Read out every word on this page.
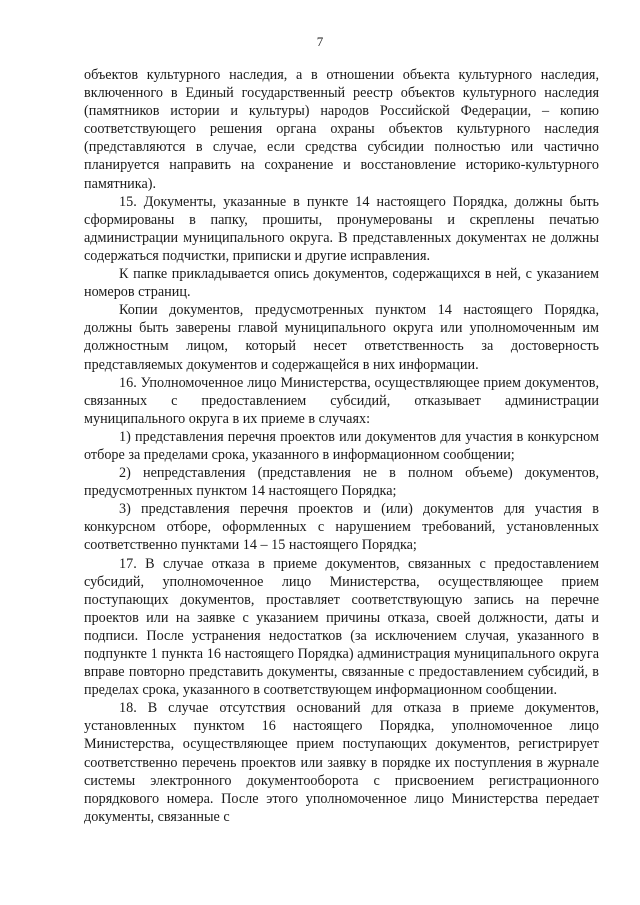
7

объектов культурного наследия, а в отношении объекта культурного наследия, включенного в Единый государственный реестр объектов культурного наследия (памятников истории и культуры) народов Российской Федерации, – копию соответствующего решения органа охраны объектов культурного наследия (представляются в случае, если средства субсидии полностью или частично планируется направить на сохранение и восстановление историко-культурного памятника).

15. Документы, указанные в пункте 14 настоящего Порядка, должны быть сформированы в папку, прошиты, пронумерованы и скреплены печатью администрации муниципального округа. В представленных документах не должны содержаться подчистки, приписки и другие исправления.

К папке прикладывается опись документов, содержащихся в ней, с указанием номеров страниц.

Копии документов, предусмотренных пунктом 14 настоящего Порядка, должны быть заверены главой муниципального округа или уполномоченным им должностным лицом, который несет ответственность за достоверность представляемых документов и содержащейся в них информации.

16. Уполномоченное лицо Министерства, осуществляющее прием документов, связанных с предоставлением субсидий, отказывает администрации муниципального округа в их приеме в случаях:

1) представления перечня проектов или документов для участия в конкурсном отборе за пределами срока, указанного в информационном сообщении;

2) непредставления (представления не в полном объеме) документов, предусмотренных пунктом 14 настоящего Порядка;

3) представления перечня проектов и (или) документов для участия в конкурсном отборе, оформленных с нарушением требований, установленных соответственно пунктами 14 – 15 настоящего Порядка;

17. В случае отказа в приеме документов, связанных с предоставлением субсидий, уполномоченное лицо Министерства, осуществляющее прием поступающих документов, проставляет соответствующую запись на перечне проектов или на заявке с указанием причины отказа, своей должности, даты и подписи. После устранения недостатков (за исключением случая, указанного в подпункте 1 пункта 16 настоящего Порядка) администрация муниципального округа вправе повторно представить документы, связанные с предоставлением субсидий, в пределах срока, указанного в соответствующем информационном сообщении.

18. В случае отсутствия оснований для отказа в приеме документов, установленных пунктом 16 настоящего Порядка, уполномоченное лицо Министерства, осуществляющее прием поступающих документов, регистрирует соответственно перечень проектов или заявку в порядке их поступления в журнале системы электронного документооборота с присвоением регистрационного порядкового номера. После этого уполномоченное лицо Министерства передает документы, связанные с
